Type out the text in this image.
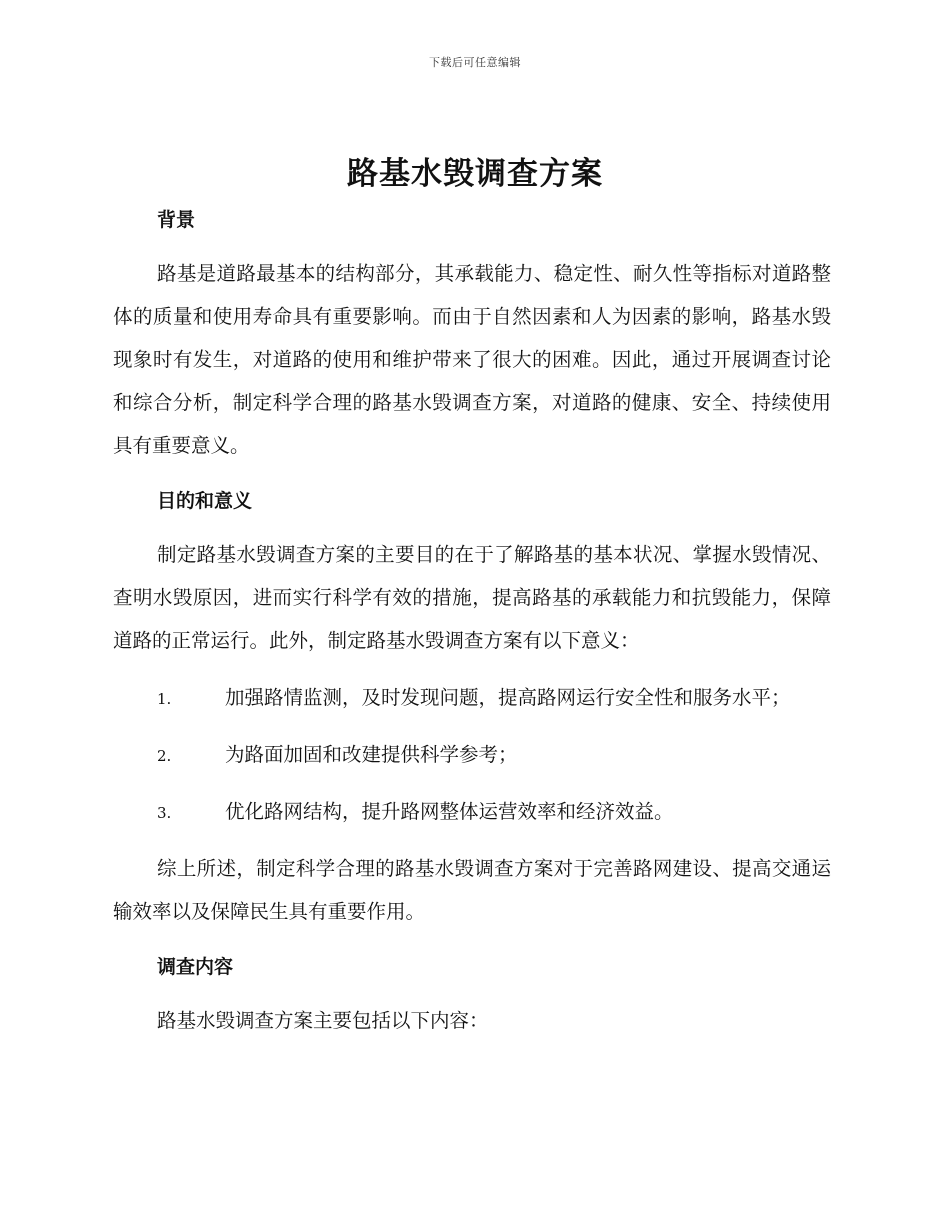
下载后可任意编辑
路基水毁调查方案
背景

路基是道路最基本的结构部分，其承载能力、稳定性、耐久性等指标对道路整体的质量和使用寿命具有重要影响。而由于自然因素和人为因素的影响，路基水毁现象时有发生，对道路的使用和维护带来了很大的困难。因此，通过开展调查讨论和综合分析，制定科学合理的路基水毁调查方案，对道路的健康、安全、持续使用具有重要意义。

目的和意义

制定路基水毁调查方案的主要目的在于了解路基的基本状况、掌握水毁情况、查明水毁原因，进而实行科学有效的措施，提高路基的承载能力和抗毁能力，保障道路的正常运行。此外，制定路基水毁调查方案有以下意义：

1.	加强路情监测，及时发现问题，提高路网运行安全性和服务水平；

2.	为路面加固和改建提供科学参考；

3.	优化路网结构，提升路网整体运营效率和经济效益。

综上所述，制定科学合理的路基水毁调查方案对于完善路网建设、提高交通运输效率以及保障民生具有重要作用。

调查内容

路基水毁调查方案主要包括以下内容：
